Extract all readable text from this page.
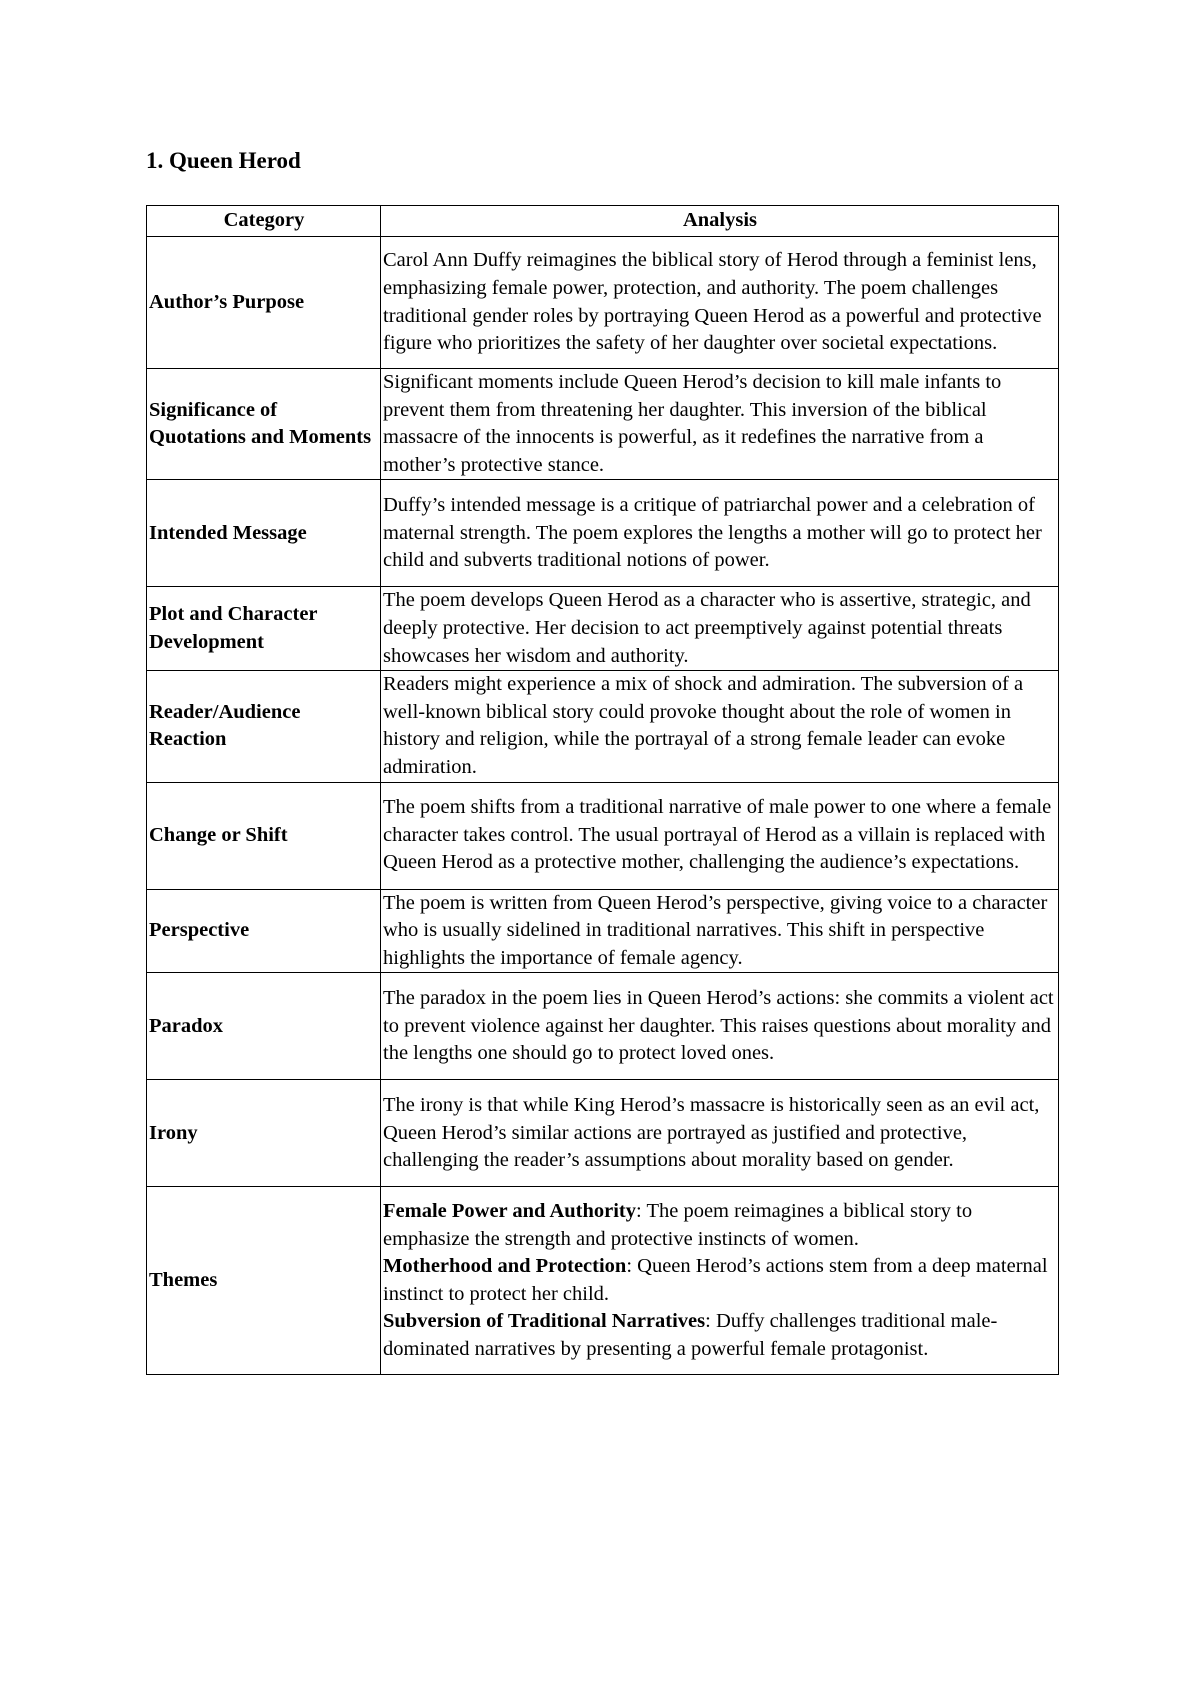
1. Queen Herod
Category	Analysis
Author’s Purpose	Carol Ann Duffy reimagines the biblical story of Herod through a feminist lens, emphasizing female power, protection, and authority. The poem challenges traditional gender roles by portraying Queen Herod as a powerful and protective figure who prioritizes the safety of her daughter over societal expectations.
Significance of Quotations and Moments	Significant moments include Queen Herod’s decision to kill male infants to prevent them from threatening her daughter. This inversion of the biblical massacre of the innocents is powerful, as it redefines the narrative from a mother’s protective stance.
Intended Message	Duffy’s intended message is a critique of patriarchal power and a celebration of maternal strength. The poem explores the lengths a mother will go to protect her child and subverts traditional notions of power.
Plot and Character Development	The poem develops Queen Herod as a character who is assertive, strategic, and deeply protective. Her decision to act preemptively against potential threats showcases her wisdom and authority.
Reader/Audience Reaction	Readers might experience a mix of shock and admiration. The subversion of a well-known biblical story could provoke thought about the role of women in history and religion, while the portrayal of a strong female leader can evoke admiration.
Change or Shift	The poem shifts from a traditional narrative of male power to one where a female character takes control. The usual portrayal of Herod as a villain is replaced with Queen Herod as a protective mother, challenging the audience’s expectations.
Perspective	The poem is written from Queen Herod’s perspective, giving voice to a character who is usually sidelined in traditional narratives. This shift in perspective highlights the importance of female agency.
Paradox	The paradox in the poem lies in Queen Herod’s actions: she commits a violent act to prevent violence against her daughter. This raises questions about morality and the lengths one should go to protect loved ones.
Irony	The irony is that while King Herod’s massacre is historically seen as an evil act, Queen Herod’s similar actions are portrayed as justified and protective, challenging the reader’s assumptions about morality based on gender.
Themes	Female Power and Authority: The poem reimagines a biblical story to emphasize the strength and protective instincts of women.
Motherhood and Protection: Queen Herod’s actions stem from a deep maternal instinct to protect her child.
Subversion of Traditional Narratives: Duffy challenges traditional male-dominated narratives by presenting a powerful female protagonist.
